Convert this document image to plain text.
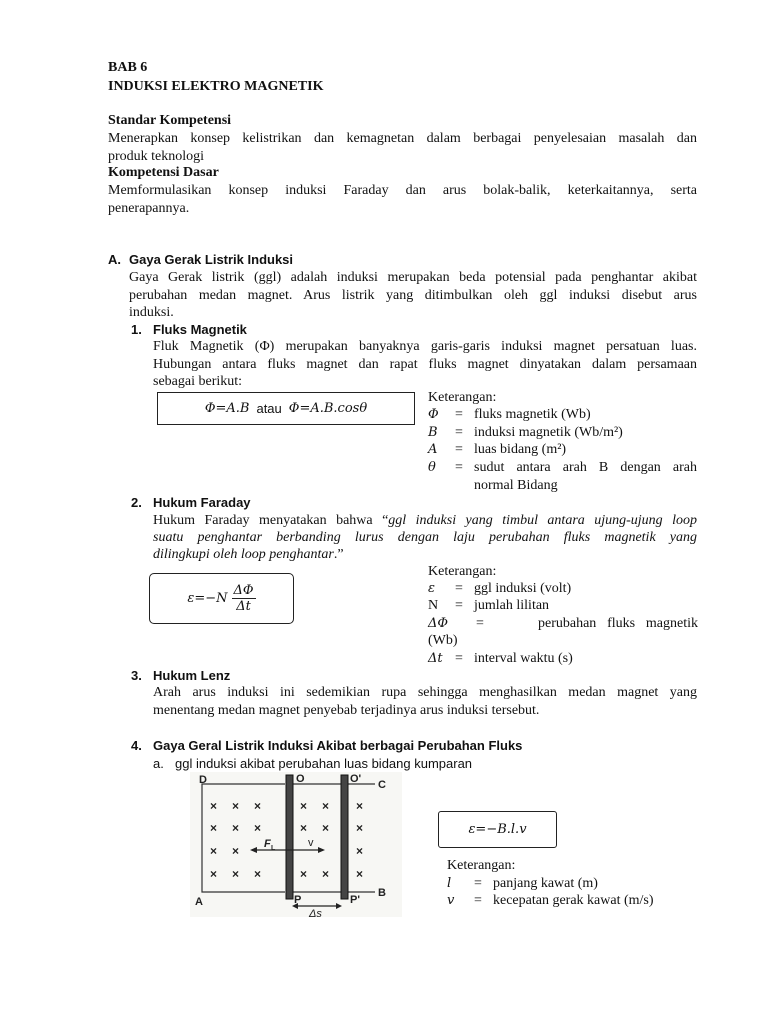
BAB 6
INDUKSI ELEKTRO MAGNETIK
Standar Kompetensi
Menerapkan konsep kelistrikan dan kemagnetan dalam berbagai penyelesaian masalah dan
produk teknologi
Kompetensi Dasar
Memformulasikan konsep induksi Faraday dan arus bolak-balik, keterkaitannya, serta
penerapannya.
A. Gaya Gerak Listrik Induksi
Gaya Gerak listrik (ggl) adalah induksi merupakan beda potensial pada penghantar akibat
perubahan medan magnet. Arus listrik yang ditimbulkan oleh ggl induksi disebut arus
induksi.
1. Fluks Magnetik
Fluk Magnetik (Φ) merupakan banyaknya garis-garis induksi magnet persatuan luas.
Hubungan antara fluks magnet dan rapat fluks magnet dinyatakan dalam persamaan
sebagai berikut:
Φ=A.B atau Φ=A.B.cosθ
Keterangan:
Φ = fluks magnetik (Wb)
B = induksi magnetik (Wb/m²)
A = luas bidang (m²)
θ = sudut antara arah B dengan arah
normal Bidang
2. Hukum Faraday
Hukum Faraday menyatakan bahwa “ggl induksi yang timbul antara ujung-ujung loop
suatu penghantar berbanding lurus dengan laju perubahan fluks magnetik yang
dilingkupi oleh loop penghantar.”
$\varepsilon=-N \frac{\Delta\Phi}{\Delta t}$
Keterangan:
ε = ggl induksi (volt)
N = jumlah lilitan
ΔΦ =	perubahan fluks magnetik
(Wb)
Δt = interval waktu (s)
3. Hukum Lenz
Arah arus induksi ini sedemikian rupa sehingga menghasilkan medan magnet yang
menentang medan magnet penyebab terjadinya arus induksi tersebut.
4. Gaya Geral Listrik Induksi Akibat berbagai Perubahan Fluks
a. ggl induksi akibat perubahan luas bidang kumparan
× × ×	× × ×
× × ×	× × ×
× ×	×
× × ×	× × ×
F L	v
Δs
D	O	O' C
A	P	P'
B
ε=−B.l.v
Keterangan:
l = panjang kawat (m)
v = kecepatan gerak kawat (m/s)
